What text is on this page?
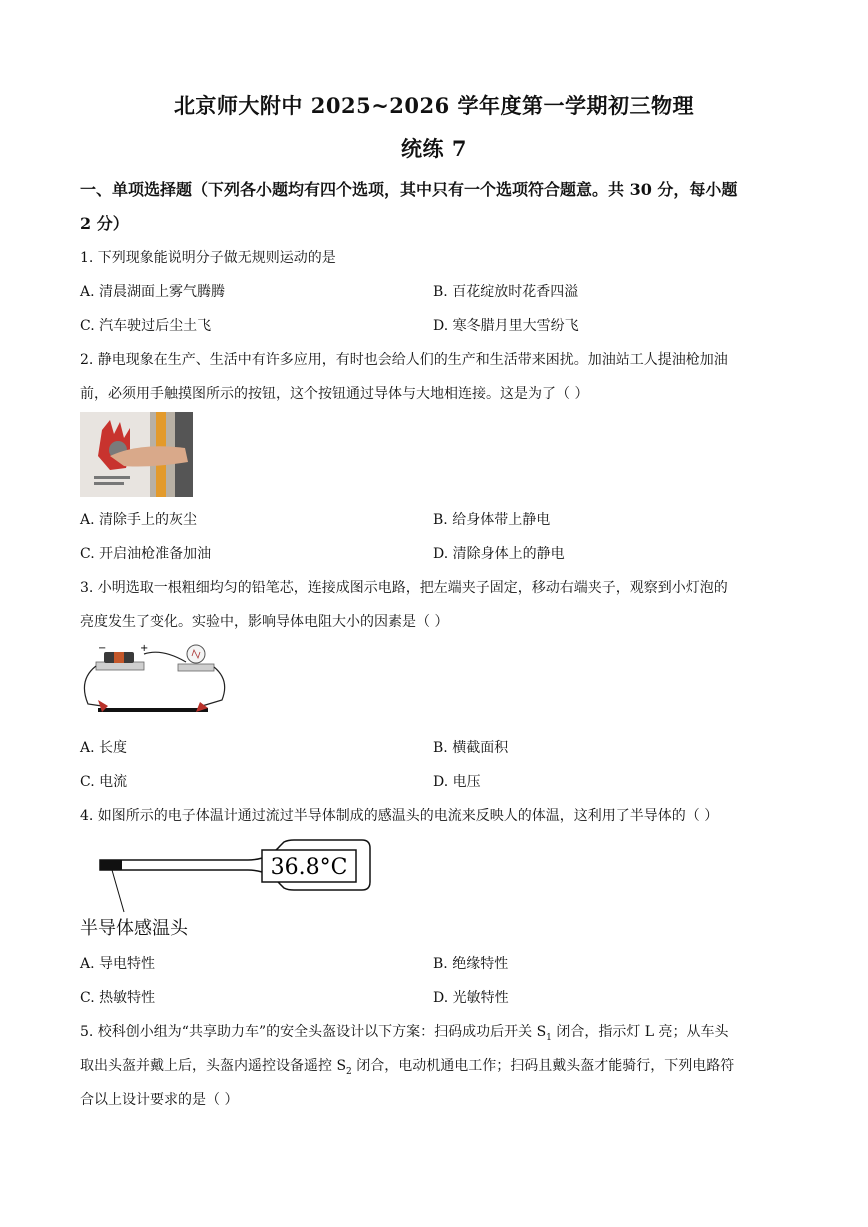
北京师大附中 2025~2026 学年度第一学期初三物理
统练 7
一、单项选择题（下列各小题均有四个选项，其中只有一个选项符合题意。共 30 分，每小题
2 分）
1. 下列现象能说明分子做无规则运动的是
A. 清晨湖面上雾气腾腾	B. 百花绽放时花香四溢
C. 汽车驶过后尘土飞	D. 寒冬腊月里大雪纷飞
2. 静电现象在生产、生活中有许多应用，有时也会给人们的生产和生活带来困扰。加油站工人提油枪加油
前，必须用手触摸图所示的按钮，这个按钮通过导体与大地相连接。这是为了（ ）
A. 清除手上的灰尘	B. 给身体带上静电
C. 开启油枪准备加油	D. 清除身体上的静电
3. 小明选取一根粗细均匀的铅笔芯，连接成图示电路，把左端夹子固定，移动右端夹子，观察到小灯泡的
亮度发生了变化。实验中，影响导体电阻大小的因素是（ ）
−	+
A. 长度	B. 横截面积
C. 电流	D. 电压
4. 如图所示的电子体温计通过流过半导体制成的感温头的电流来反映人的体温，这利用了半导体的（ ）
36.8°C
半导体感温头
A. 导电特性	B. 绝缘特性
C. 热敏特性	D. 光敏特性
5. 校科创小组为“共享助力车”的安全头盔设计以下方案：扫码成功后开关 $S_1$ 闭合，指示灯 L 亮；从车头
取出头盔并戴上后，头盔内遥控设备遥控 $S_2$ 闭合，电动机通电工作；扫码且戴头盔才能骑行，下列电路符
合以上设计要求的是（ ）
